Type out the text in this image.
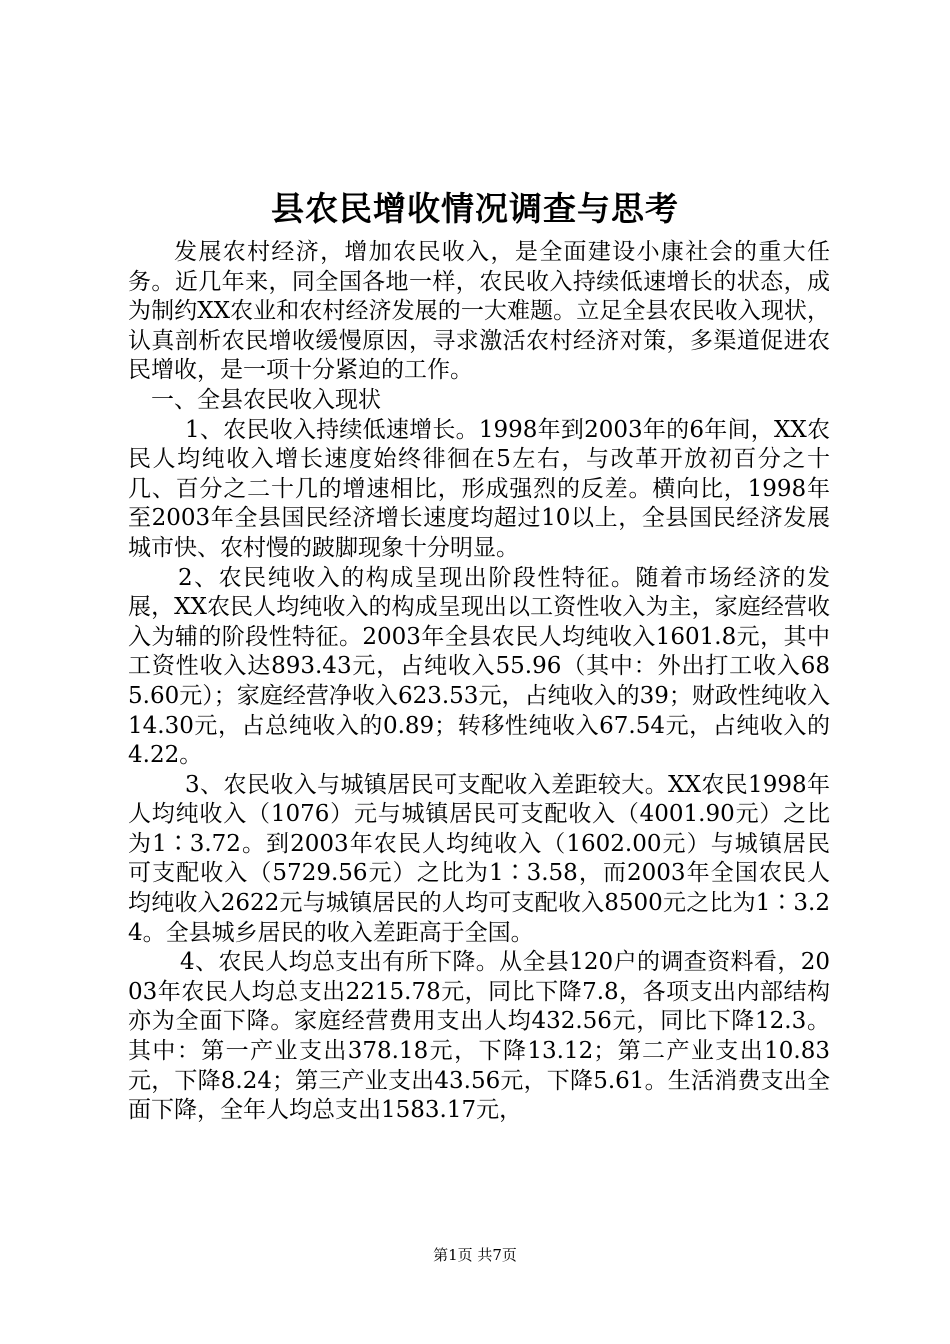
县农民增收情况调查与思考

发展农村经济，增加农民收入，是全面建设小康社会的重大任务。近几年来，同全国各地一样，农民收入持续低速增长的状态，成为制约XX农业和农村经济发展的一大难题。立足全县农民收入现状，认真剖析农民增收缓慢原因，寻求激活农村经济对策，多渠道促进农民增收，是一项十分紧迫的工作。

一、全县农民收入现状

1、农民收入持续低速增长。1998年到2003年的6年间，XX农民人均纯收入增长速度始终徘徊在5左右，与改革开放初百分之十几、百分之二十几的增速相比，形成强烈的反差。横向比，1998年至2003年全县国民经济增长速度均超过10以上，全县国民经济发展城市快、农村慢的跛脚现象十分明显。

2、农民纯收入的构成呈现出阶段性特征。随着市场经济的发展，XX农民人均纯收入的构成呈现出以工资性收入为主，家庭经营收入为辅的阶段性特征。2003年全县农民人均纯收入1601.8元，其中工资性收入达893.43元，占纯收入55.96（其中：外出打工收入685.60元）；家庭经营净收入623.53元，占纯收入的39；财政性纯收入14.30元，占总纯收入的0.89；转移性纯收入67.54元，占纯收入的4.22。

3、农民收入与城镇居民可支配收入差距较大。XX农民1998年人均纯收入（1076）元与城镇居民可支配收入（4001.90元）之比为1∶3.72。到2003年农民人均纯收入（1602.00元）与城镇居民可支配收入（5729.56元）之比为1∶3.58，而2003年全国农民人均纯收入2622元与城镇居民的人均可支配收入8500元之比为1∶3.24。全县城乡居民的收入差距高于全国。

4、农民人均总支出有所下降。从全县120户的调查资料看，2003年农民人均总支出2215.78元，同比下降7.8，各项支出内部结构亦为全面下降。家庭经营费用支出人均432.56元，同比下降12.3。其中：第一产业支出378.18元，下降13.12；第二产业支出10.83元，下降8.24；第三产业支出43.56元，下降5.61。生活消费支出全面下降，全年人均总支出1583.17元，

第1页 共7页
